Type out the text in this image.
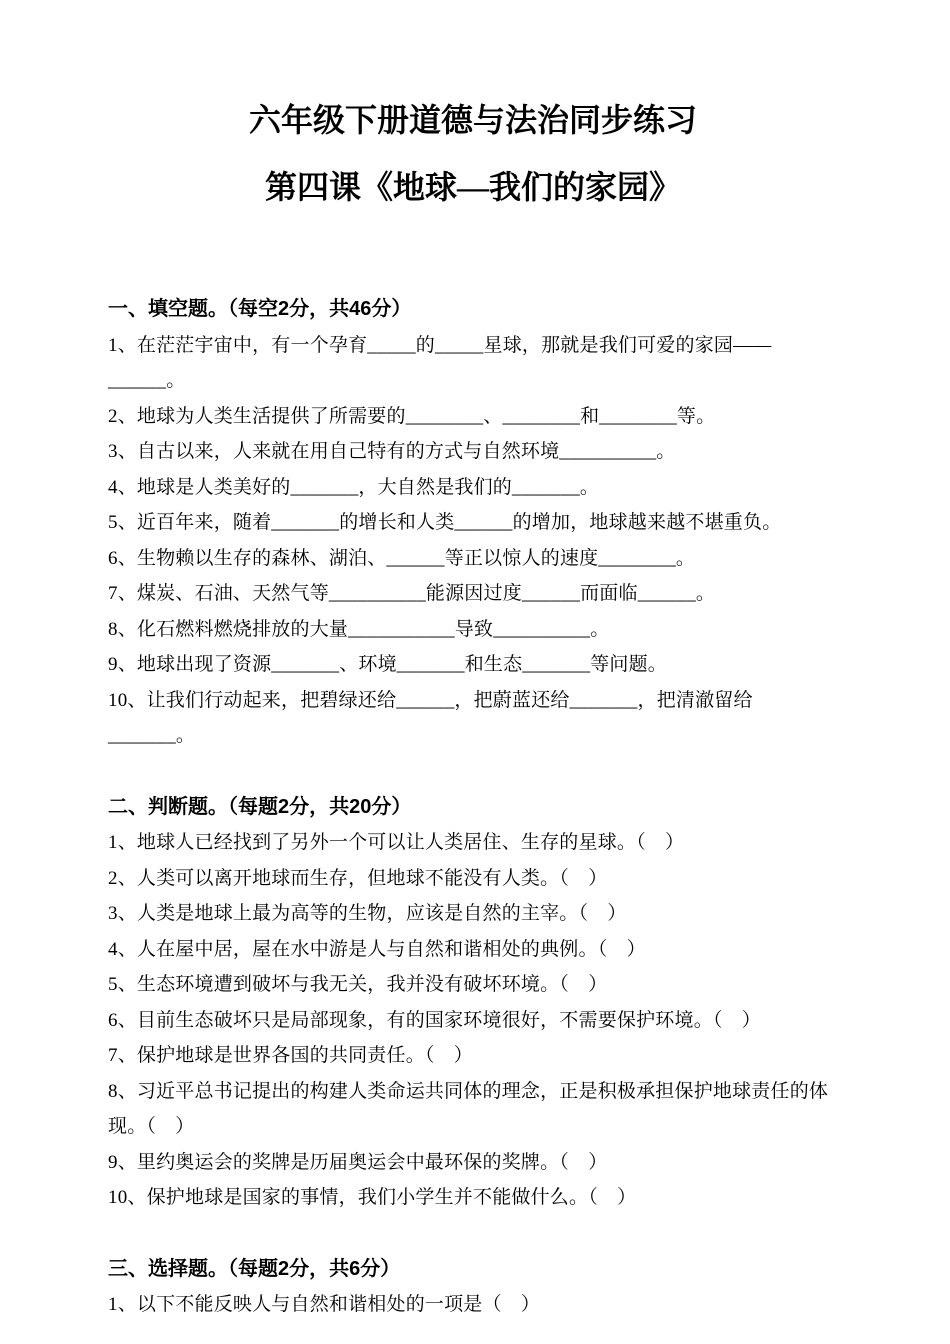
六年级下册道德与法治同步练习
第四课《地球—我们的家园》
一、填空题。（每空2分，共46分）

1、在茫茫宇宙中，有一个孕育_____的_____星球，那就是我们可爱的家园——______。

2、地球为人类生活提供了所需要的________、________和________等。

3、自古以来，人来就在用自己特有的方式与自然环境__________。

4、地球是人类美好的_______，大自然是我们的_______。

5、近百年来，随着_______的增长和人类______的增加，地球越来越不堪重负。

6、生物赖以生存的森林、湖泊、______等正以惊人的速度________。

7、煤炭、石油、天然气等__________能源因过度______而面临______。

8、化石燃料燃烧排放的大量___________导致__________。

9、地球出现了资源_______、环境_______和生态_______等问题。

10、让我们行动起来，把碧绿还给______，把蔚蓝还给_______，把清澈留给_______。

二、判断题。（每题2分，共20分）

1、地球人已经找到了另外一个可以让人类居住、生存的星球。（　）

2、人类可以离开地球而生存，但地球不能没有人类。（　）

3、人类是地球上最为高等的生物，应该是自然的主宰。（　）

4、人在屋中居，屋在水中游是人与自然和谐相处的典例。（　）

5、生态环境遭到破坏与我无关，我并没有破坏环境。（　）

6、目前生态破坏只是局部现象，有的国家环境很好，不需要保护环境。（　）

7、保护地球是世界各国的共同责任。（　）

8、习近平总书记提出的构建人类命运共同体的理念，正是积极承担保护地球责任的体现。（　）

9、里约奥运会的奖牌是历届奥运会中最环保的奖牌。（　）

10、保护地球是国家的事情，我们小学生并不能做什么。（　）

三、选择题。（每题2分，共6分）

1、以下不能反映人与自然和谐相处的一项是（　）
